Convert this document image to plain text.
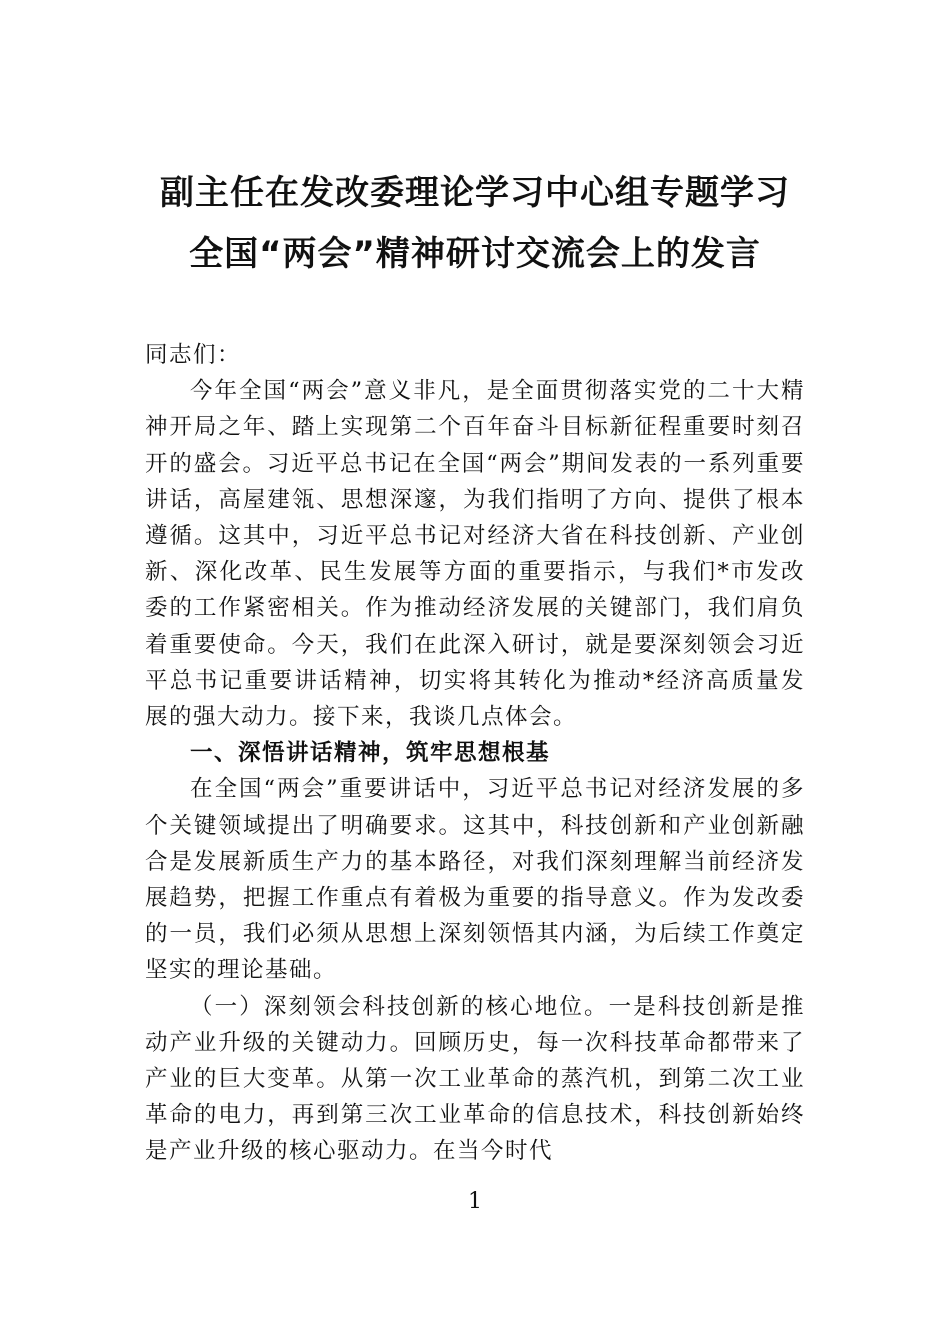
副主任在发改委理论学习中心组专题学习
全国“两会”精神研讨交流会上的发言

同志们：

今年全国“两会”意义非凡，是全面贯彻落实党的二十大精神开局之年、踏上实现第二个百年奋斗目标新征程重要时刻召开的盛会。习近平总书记在全国“两会”期间发表的一系列重要讲话，高屋建瓴、思想深邃，为我们指明了方向、提供了根本遵循。这其中，习近平总书记对经济大省在科技创新、产业创新、深化改革、民生发展等方面的重要指示，与我们*市发改委的工作紧密相关。作为推动经济发展的关键部门，我们肩负着重要使命。今天，我们在此深入研讨，就是要深刻领会习近平总书记重要讲话精神，切实将其转化为推动*经济高质量发展的强大动力。接下来，我谈几点体会。

一、深悟讲话精神，筑牢思想根基

在全国“两会”重要讲话中，习近平总书记对经济发展的多个关键领域提出了明确要求。这其中，科技创新和产业创新融合是发展新质生产力的基本路径，对我们深刻理解当前经济发展趋势，把握工作重点有着极为重要的指导意义。作为发改委的一员，我们必须从思想上深刻领悟其内涵，为后续工作奠定坚实的理论基础。

（一）深刻领会科技创新的核心地位。一是科技创新是推动产业升级的关键动力。回顾历史，每一次科技革命都带来了产业的巨大变革。从第一次工业革命的蒸汽机，到第二次工业革命的电力，再到第三次工业革命的信息技术，科技创新始终是产业升级的核心驱动力。在当今时代

1
